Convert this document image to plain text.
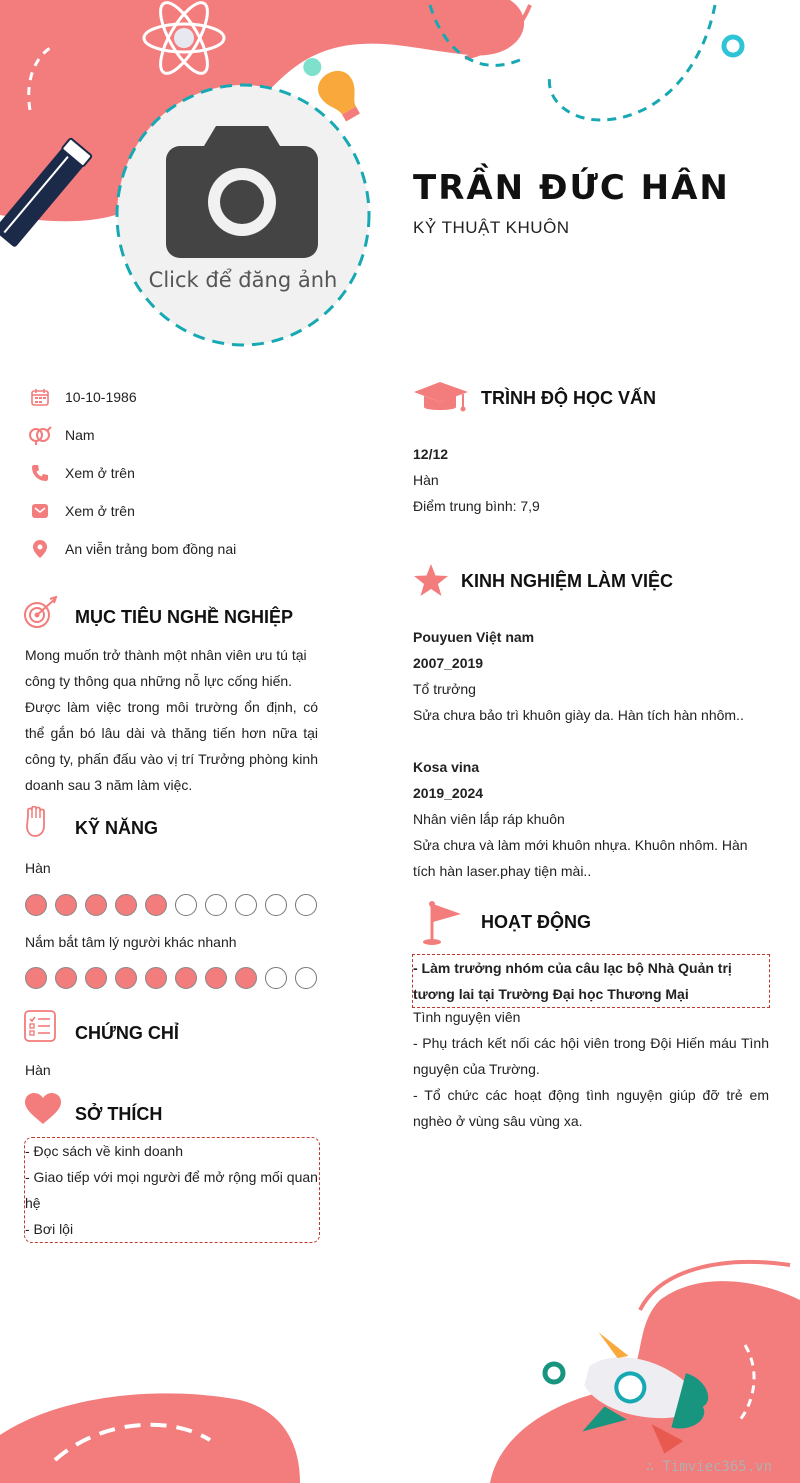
Click để đăng ảnh
TRẦN ĐỨC HÂN
KỶ THUẬT KHUÔN
10-10-1986
Nam
Xem ở trên
Xem ở trên
An viễn trảng bom đồng nai
MỤC TIÊU NGHỀ NGHIỆP
Mong muốn trở thành một nhân viên ưu tú tại
công ty thông qua những nỗ lực cống hiến.
Được làm việc trong môi trường ổn định, có thể gắn bó lâu dài và thăng tiến hơn nữa tại công ty, phấn đấu vào vị trí Trưởng phòng kinh doanh sau 3 năm làm việc.
KỸ NĂNG
Hàn
Nắm bắt tâm lý người khác nhanh
CHỨNG CHỈ
Hàn
SỞ THÍCH
- Đọc sách về kinh doanh
- Giao tiếp với mọi người để mở rộng mối quan hệ
- Bơi lội
TRÌNH ĐỘ HỌC VẤN
12/12
Hàn
Điểm trung bình: 7,9
KINH NGHIỆM LÀM VIỆC
Pouyuen Việt nam
2007_2019
Tổ trưởng
Sửa chưa bảo trì khuôn giày da. Hàn tích hàn nhôm..
Kosa vina
2019_2024
Nhân viên lắp ráp khuôn
Sửa chưa và làm mới khuôn nhựa. Khuôn nhôm. Hàn tích hàn laser.phay tiện mài..
HOẠT ĐỘNG
- Làm trưởng nhóm của câu lạc bộ Nhà Quản trị tương lai tại Trường Đại học Thương Mại
Tình nguyện viên
- Phụ trách kết nối các hội viên trong Đội Hiến máu Tình nguyện của Trường.
- Tổ chức các hoạt động tình nguyện giúp đỡ trẻ em nghèo ở vùng sâu vùng xa.
∴ Timviec365.vn
